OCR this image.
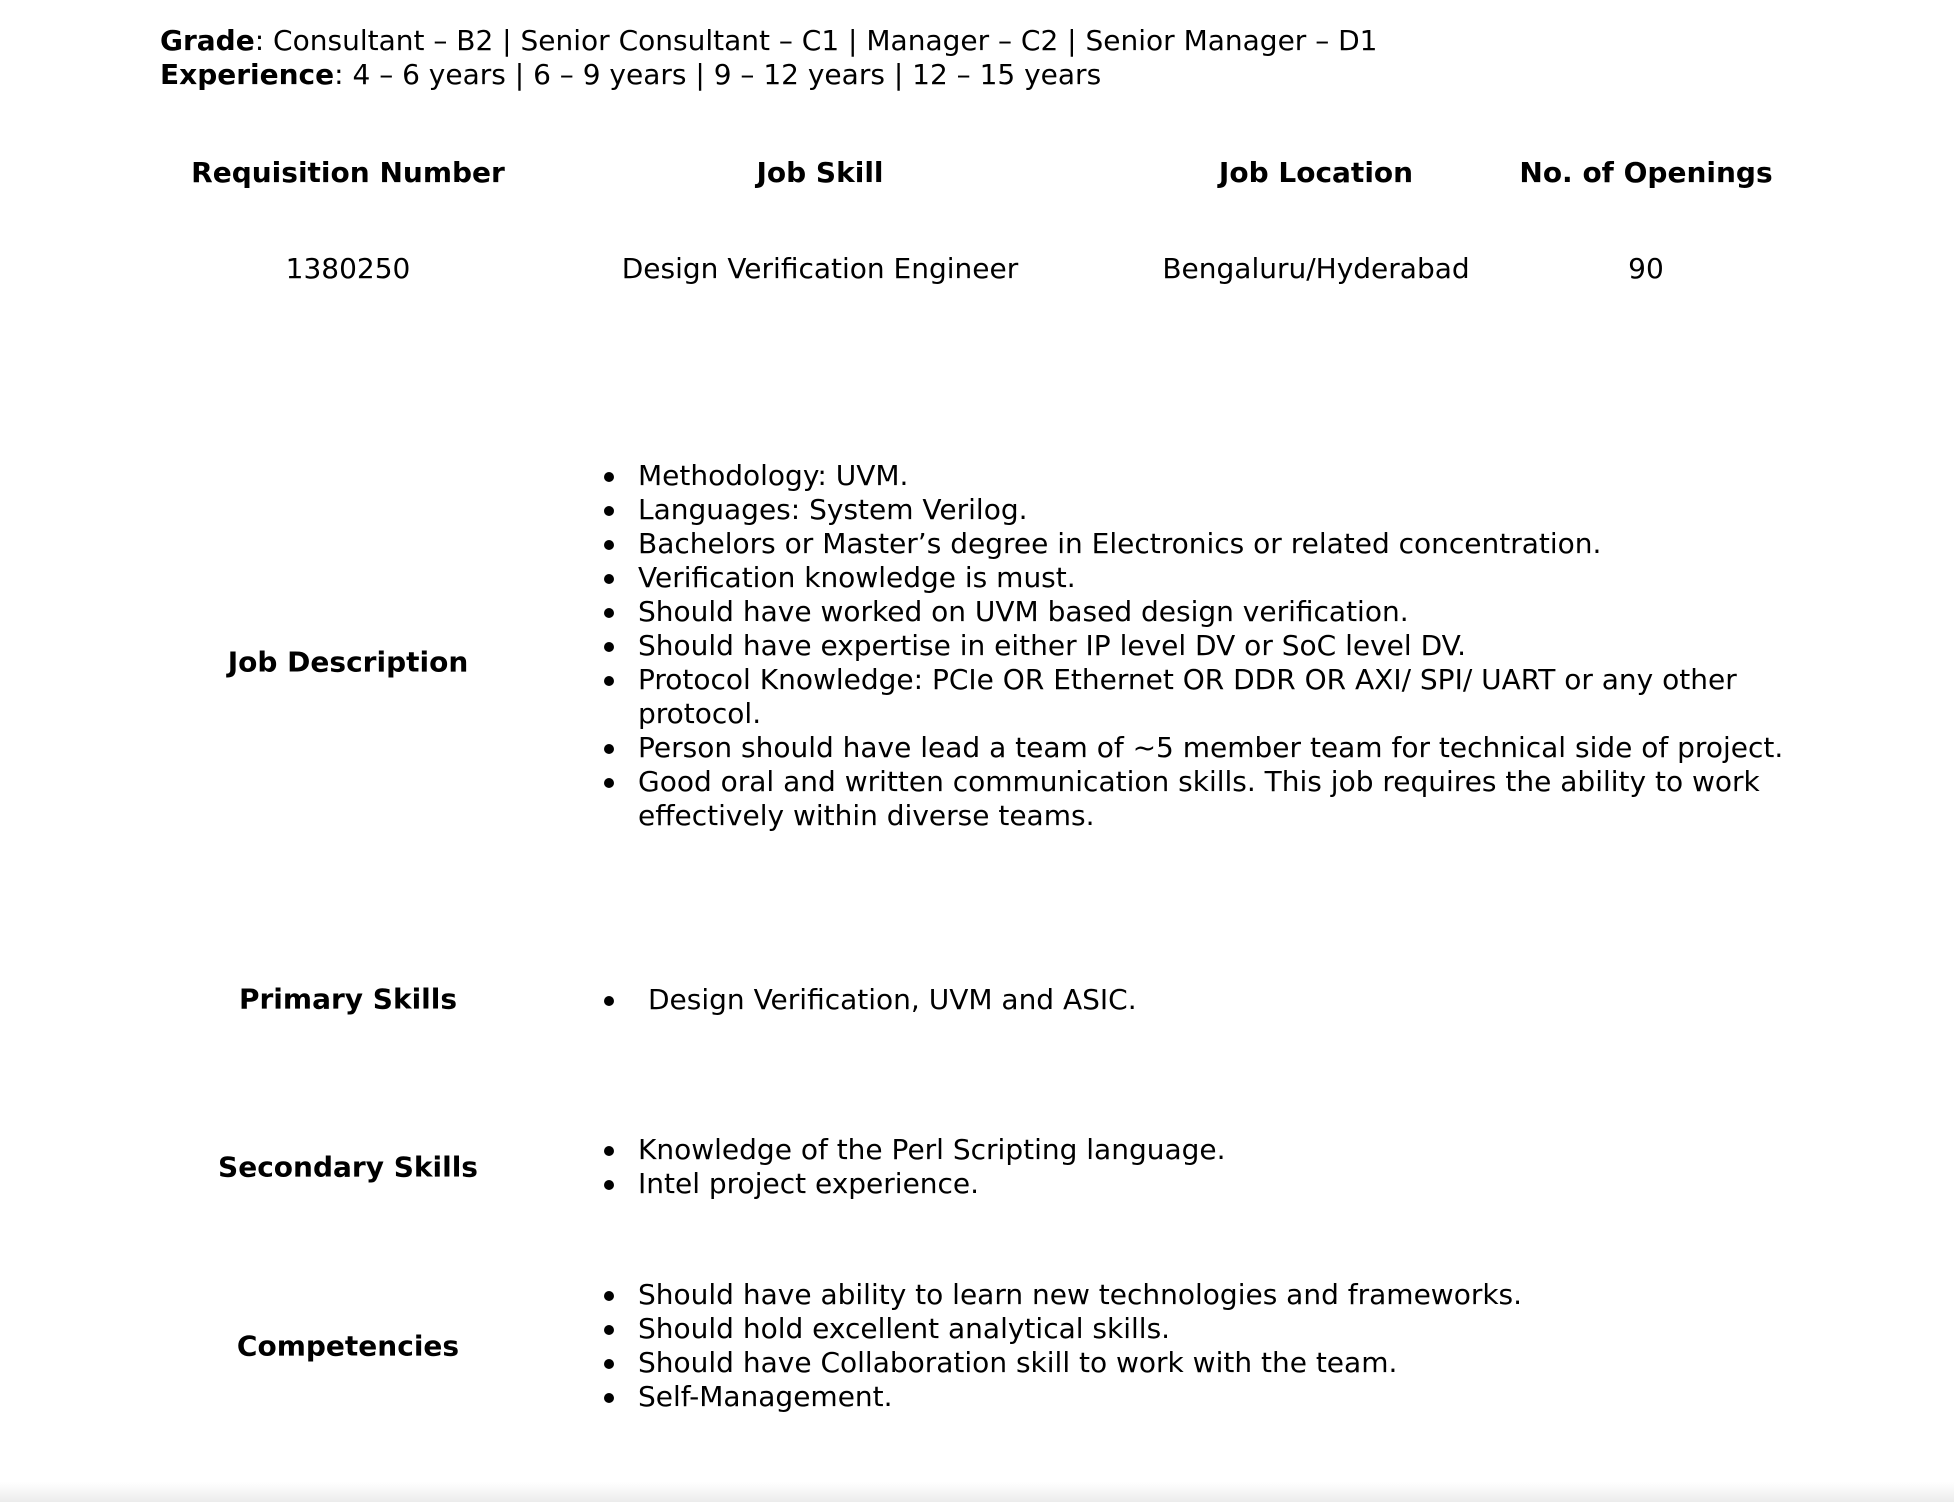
Grade: Consultant – B2 | Senior Consultant – C1 | Manager – C2 | Senior Manager – D1
Experience: 4 – 6 years | 6 – 9 years | 9 – 12 years | 12 – 15 years
Requisition Number	Job Skill	Job Location	No. of Openings
1380250	Design Verification Engineer	Bengaluru/Hyderabad	90
Job Description
Methodology: UVM.
Languages: System Verilog.
Bachelors or Master’s degree in Electronics or related concentration.
Verification knowledge is must.
Should have worked on UVM based design verification.
Should have expertise in either IP level DV or SoC level DV.
Protocol Knowledge: PCIe OR Ethernet OR DDR OR AXI/ SPI/ UART or any other protocol.
Person should have lead a team of ~5 member team for technical side of project.
Good oral and written communication skills. This job requires the ability to work effectively within diverse teams.
Primary Skills	Design Verification, UVM and ASIC.
Secondary Skills
Knowledge of the Perl Scripting language.
Intel project experience.
Competencies
Should have ability to learn new technologies and frameworks.
Should hold excellent analytical skills.
Should have Collaboration skill to work with the team.
Self-Management.
